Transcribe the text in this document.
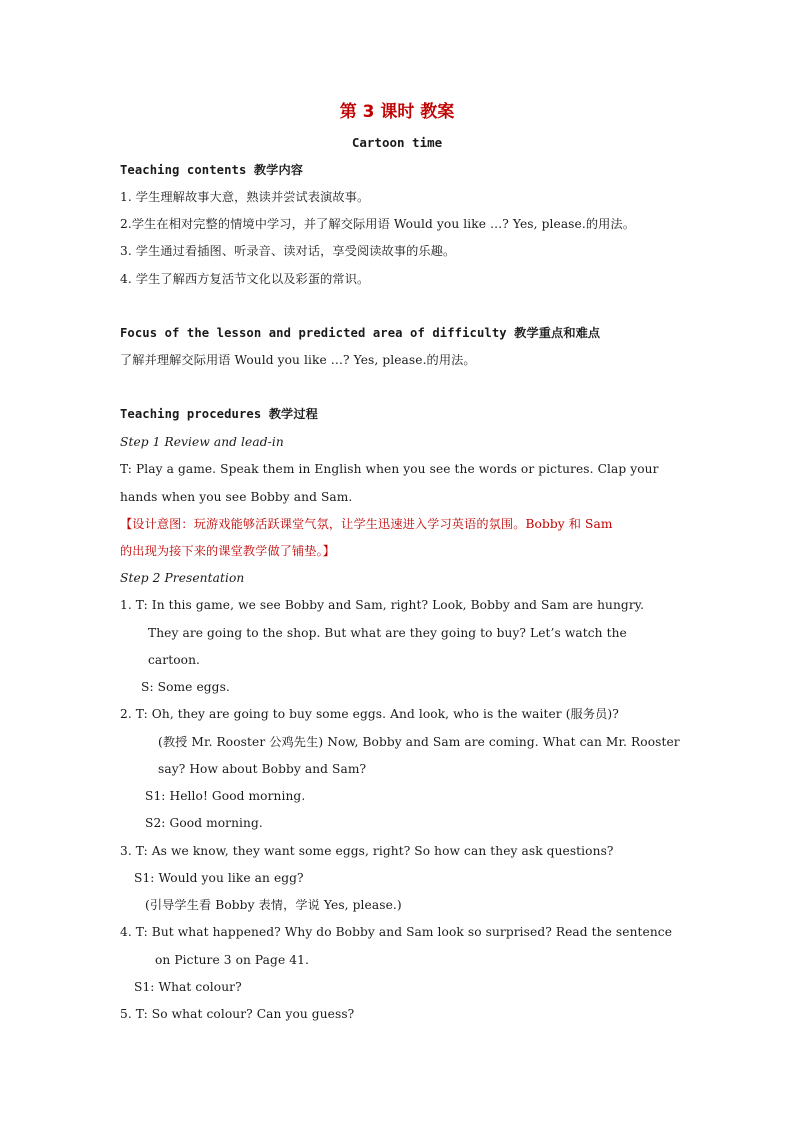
第 3 课时 教案
Cartoon time
Teaching contents 教学内容
1. 学生理解故事大意，熟读并尝试表演故事。
2.学生在相对完整的情境中学习，并了解交际用语 Would you like …? Yes, please.的用法。
3. 学生通过看插图、听录音、读对话，享受阅读故事的乐趣。
4. 学生了解西方复活节文化以及彩蛋的常识。
Focus of the lesson and predicted area of difficulty 教学重点和难点
了解并理解交际用语 Would you like …? Yes, please.的用法。
Teaching procedures 教学过程
Step 1 Review and lead-in
T: Play a game. Speak them in English when you see the words or pictures. Clap your
hands when you see Bobby and Sam.
【设计意图：玩游戏能够活跃课堂气氛，让学生迅速进入学习英语的氛围。Bobby 和 Sam
的出现为接下来的课堂教学做了铺垫。】
Step 2 Presentation
1. T: In this game, we see Bobby and Sam, right? Look, Bobby and Sam are hungry.
They are going to the shop. But what are they going to buy? Let’s watch the
cartoon.
S: Some eggs.
2. T: Oh, they are going to buy some eggs. And look, who is the waiter (服务员)?
(教授 Mr. Rooster 公鸡先生) Now, Bobby and Sam are coming. What can Mr. Rooster
say? How about Bobby and Sam?
S1: Hello! Good morning.
S2: Good morning.
3. T: As we know, they want some eggs, right? So how can they ask questions?
S1: Would you like an egg?
(引导学生看 Bobby 表情，学说 Yes, please.)
4. T: But what happened? Why do Bobby and Sam look so surprised? Read the sentence
on Picture 3 on Page 41.
S1: What colour?
5. T: So what colour? Can you guess?
